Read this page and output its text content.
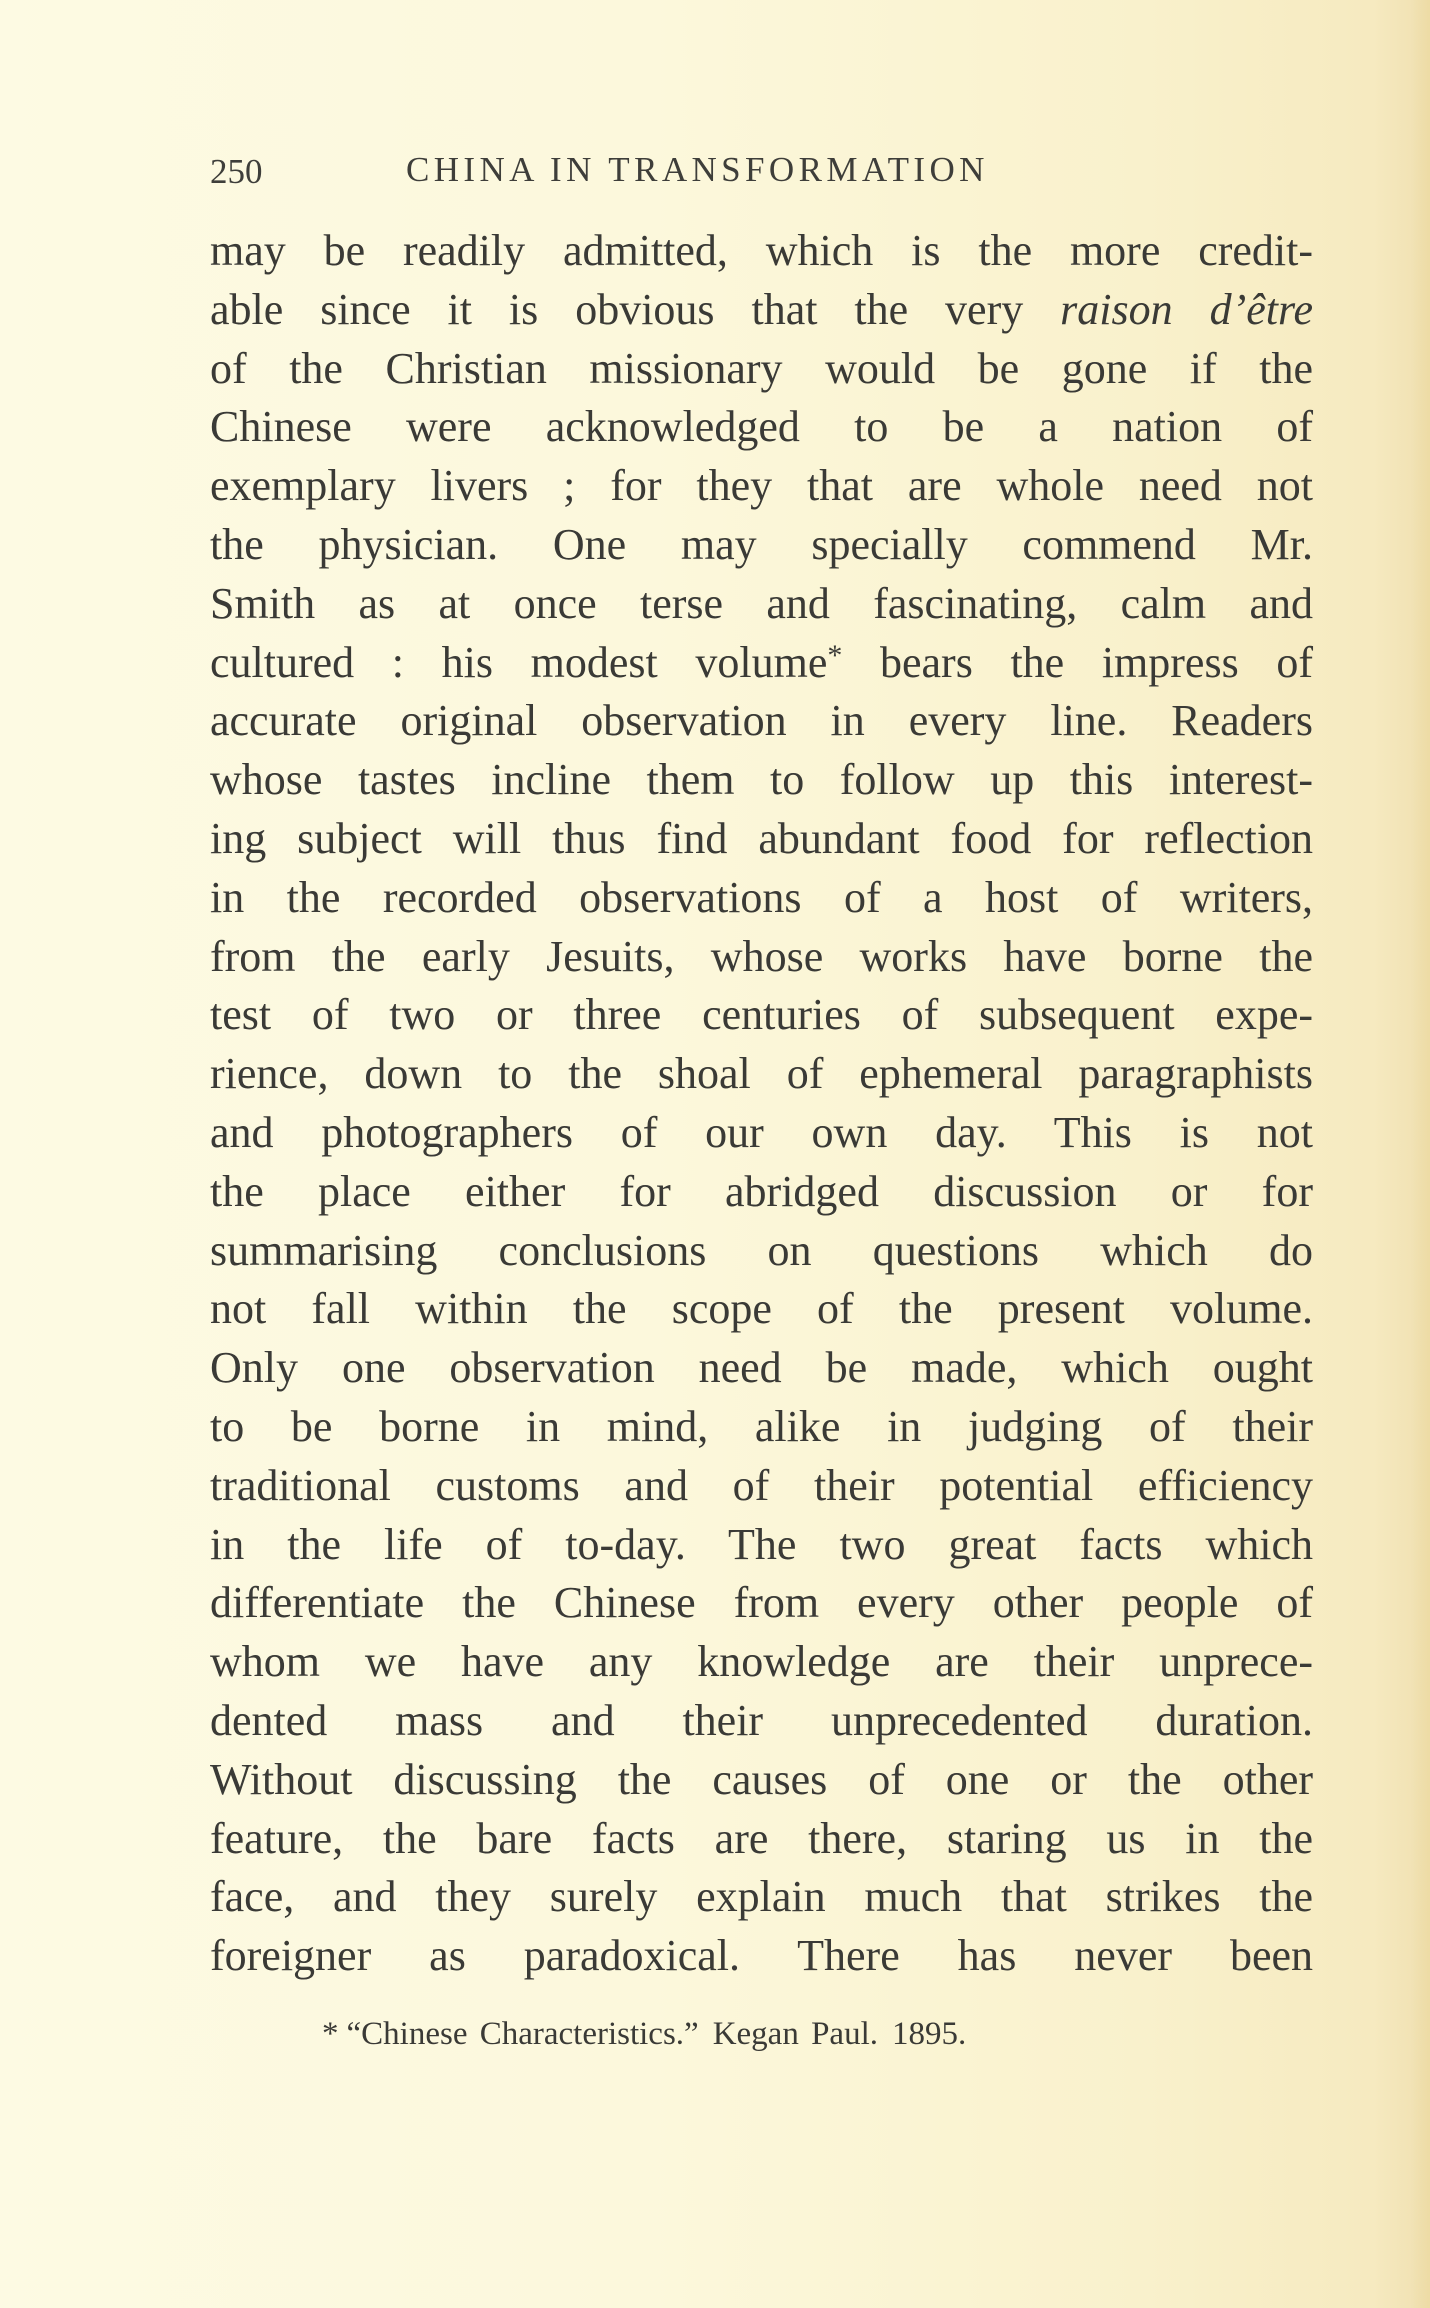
250	CHINA IN TRANSFORMATION
may be readily admitted, which is the more credit-
able since it is obvious that the very raison d’être
of the Christian missionary would be gone if the
Chinese were acknowledged to be a nation of
exemplary livers ; for they that are whole need not
the physician. One may specially commend Mr.
Smith as at once terse and fascinating, calm and
cultured : his modest volume* bears the impress of
accurate original observation in every line. Readers
whose tastes incline them to follow up this interest-
ing subject will thus find abundant food for reflection
in the recorded observations of a host of writers,
from the early Jesuits, whose works have borne the
test of two or three centuries of subsequent expe-
rience, down to the shoal of ephemeral paragraphists
and photographers of our own day. This is not
the place either for abridged discussion or for
summarising conclusions on questions which do
not fall within the scope of the present volume.
Only one observation need be made, which ought
to be borne in mind, alike in judging of their
traditional customs and of their potential efficiency
in the life of to-day. The two great facts which
differentiate the Chinese from every other people of
whom we have any knowledge are their unprece-
dented mass and their unprecedented duration.
Without discussing the causes of one or the other
feature, the bare facts are there, staring us in the
face, and they surely explain much that strikes the
foreigner as paradoxical. There has never been
* “Chinese Characteristics.” Kegan Paul. 1895.
